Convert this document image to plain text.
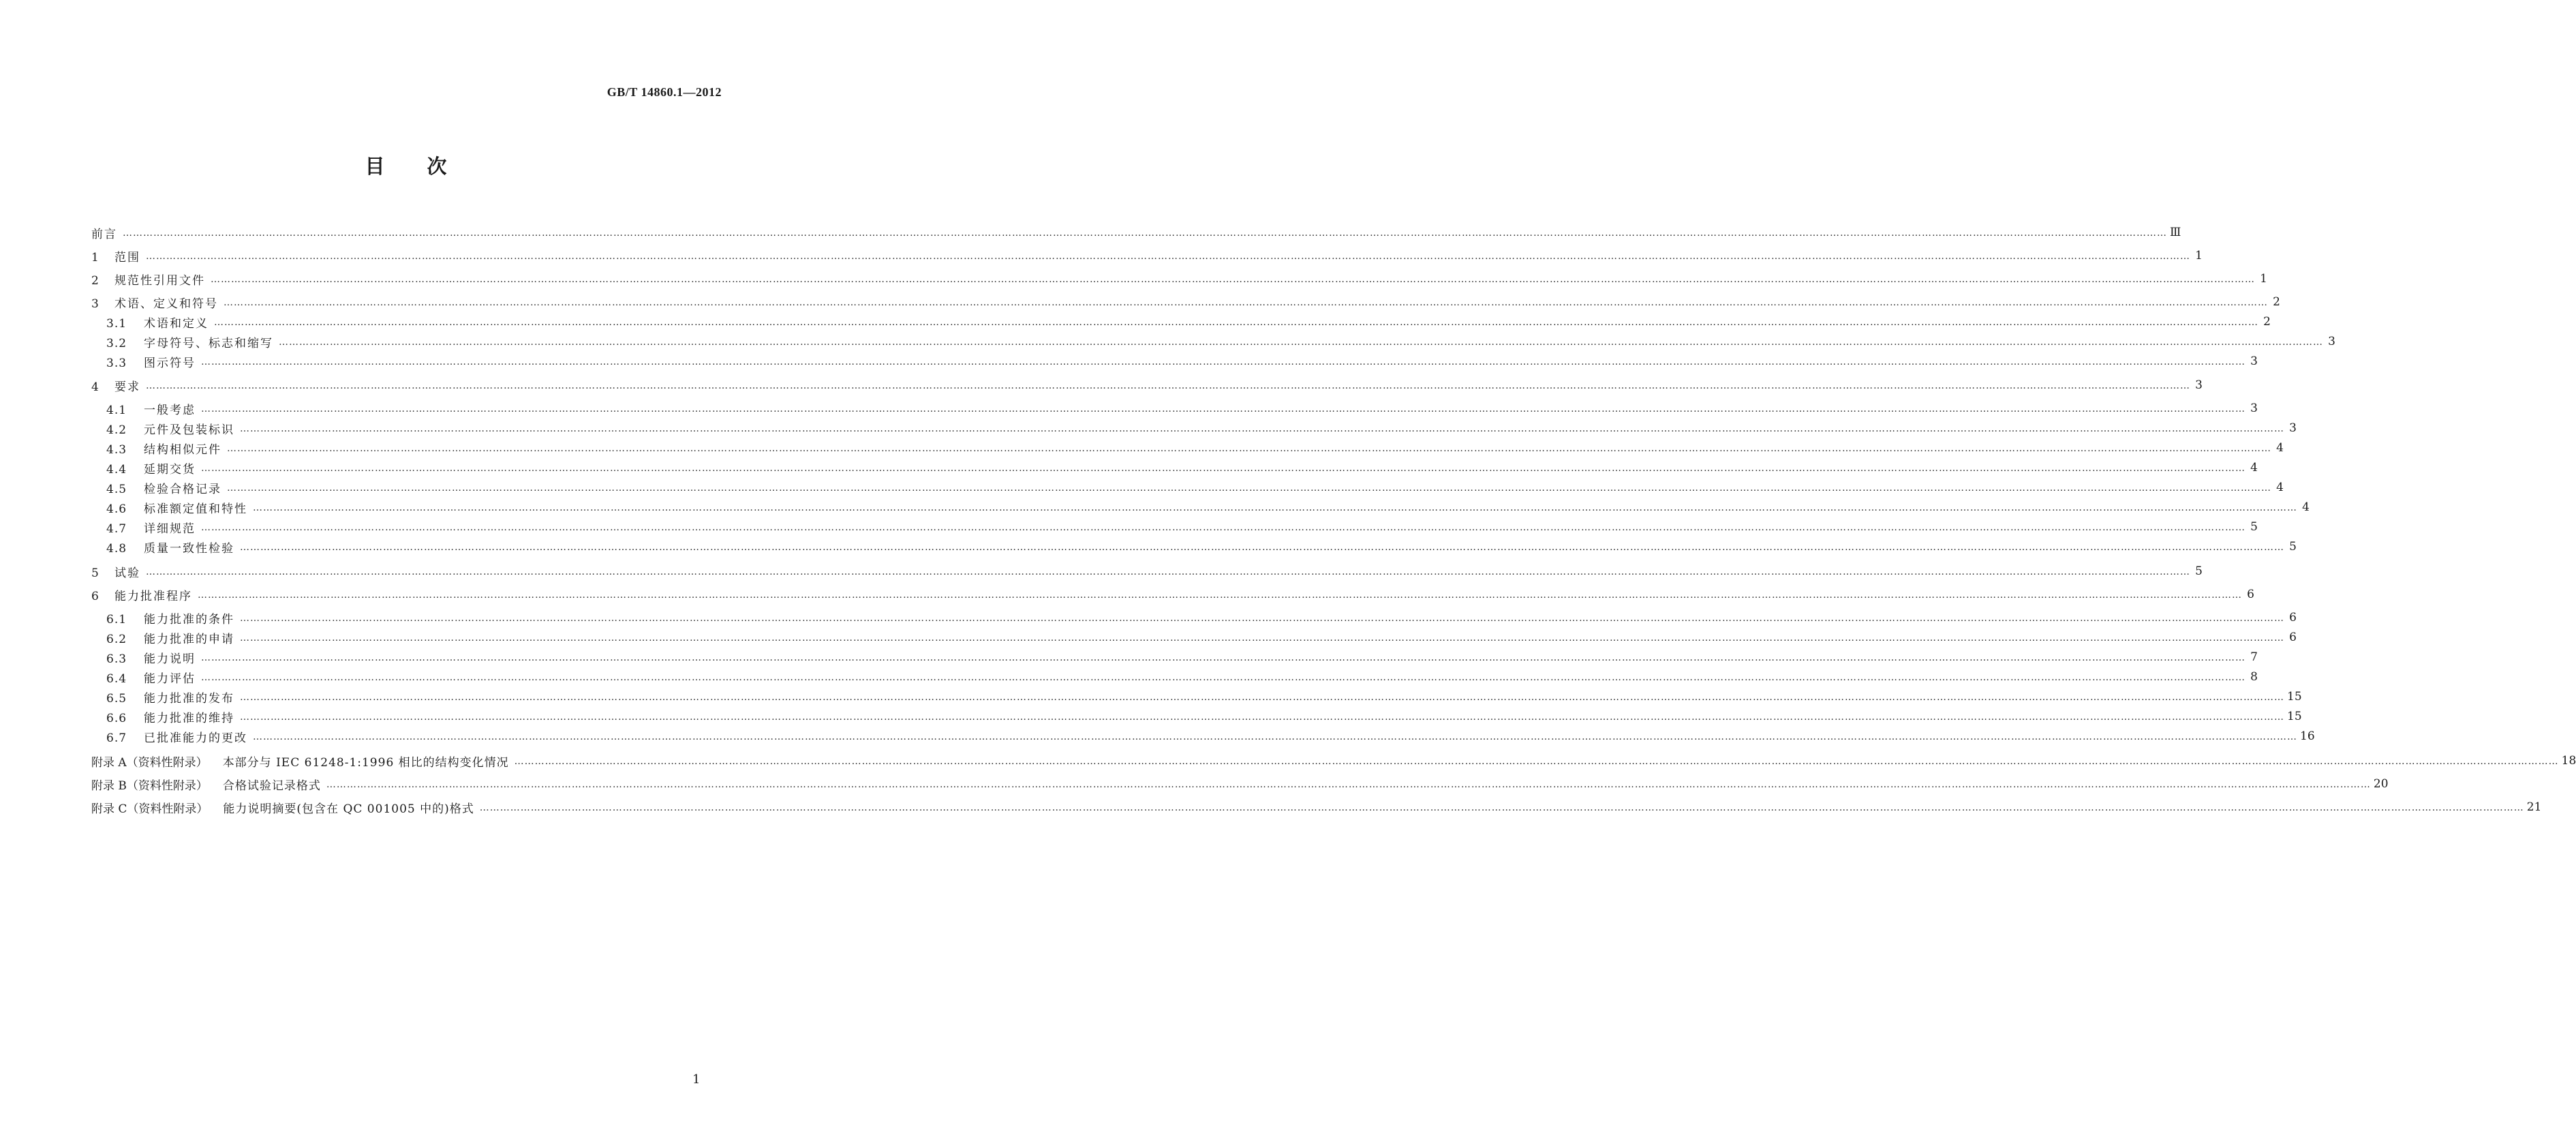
GB/T 14860.1—2012
目 次
前言 …………………………………………………………………………………………………………………………………………………………………………………………………………………………………………………………………………………………………………………………………………………………………………………………………………………………………………………………………………………………………………………………………………………… Ⅲ
1 范围 …………………………………………………………………………………………………………………………………………………………………………………………………………………………………………………………………………………………………………………………………………………………………………………………………………………………………………………………………………………………………………………………………………………… 1
2 规范性引用文件 …………………………………………………………………………………………………………………………………………………………………………………………………………………………………………………………………………………………………………………………………………………………………………………………………………………………………………………………………………………………………………………………………………………… 1
3 术语、定义和符号 …………………………………………………………………………………………………………………………………………………………………………………………………………………………………………………………………………………………………………………………………………………………………………………………………………………………………………………………………………………………………………………………………………………… 2
3.1 术语和定义 …………………………………………………………………………………………………………………………………………………………………………………………………………………………………………………………………………………………………………………………………………………………………………………………………………………………………………………………………………………………………………………………………………………… 2
3.2 字母符号、标志和缩写 …………………………………………………………………………………………………………………………………………………………………………………………………………………………………………………………………………………………………………………………………………………………………………………………………………………………………………………………………………………………………………………………………………………… 3
3.3 图示符号 …………………………………………………………………………………………………………………………………………………………………………………………………………………………………………………………………………………………………………………………………………………………………………………………………………………………………………………………………………………………………………………………………………………… 3
4 要求 …………………………………………………………………………………………………………………………………………………………………………………………………………………………………………………………………………………………………………………………………………………………………………………………………………………………………………………………………………………………………………………………………………………… 3
4.1 一般考虑 …………………………………………………………………………………………………………………………………………………………………………………………………………………………………………………………………………………………………………………………………………………………………………………………………………………………………………………………………………………………………………………………………………………… 3
4.2 元件及包装标识 …………………………………………………………………………………………………………………………………………………………………………………………………………………………………………………………………………………………………………………………………………………………………………………………………………………………………………………………………………………………………………………………………………………… 3
4.3 结构相似元件 …………………………………………………………………………………………………………………………………………………………………………………………………………………………………………………………………………………………………………………………………………………………………………………………………………………………………………………………………………………………………………………………………………………… 4
4.4 延期交货 …………………………………………………………………………………………………………………………………………………………………………………………………………………………………………………………………………………………………………………………………………………………………………………………………………………………………………………………………………………………………………………………………………………… 4
4.5 检验合格记录 …………………………………………………………………………………………………………………………………………………………………………………………………………………………………………………………………………………………………………………………………………………………………………………………………………………………………………………………………………………………………………………………………………………… 4
4.6 标准额定值和特性 …………………………………………………………………………………………………………………………………………………………………………………………………………………………………………………………………………………………………………………………………………………………………………………………………………………………………………………………………………………………………………………………………………………… 4
4.7 详细规范 …………………………………………………………………………………………………………………………………………………………………………………………………………………………………………………………………………………………………………………………………………………………………………………………………………………………………………………………………………………………………………………………………………………… 5
4.8 质量一致性检验 …………………………………………………………………………………………………………………………………………………………………………………………………………………………………………………………………………………………………………………………………………………………………………………………………………………………………………………………………………………………………………………………………………………… 5
5 试验 …………………………………………………………………………………………………………………………………………………………………………………………………………………………………………………………………………………………………………………………………………………………………………………………………………………………………………………………………………………………………………………………………………………… 5
6 能力批准程序 …………………………………………………………………………………………………………………………………………………………………………………………………………………………………………………………………………………………………………………………………………………………………………………………………………………………………………………………………………………………………………………………………………………… 6
6.1 能力批准的条件 …………………………………………………………………………………………………………………………………………………………………………………………………………………………………………………………………………………………………………………………………………………………………………………………………………………………………………………………………………………………………………………………………………………… 6
6.2 能力批准的申请 …………………………………………………………………………………………………………………………………………………………………………………………………………………………………………………………………………………………………………………………………………………………………………………………………………………………………………………………………………………………………………………………………………………… 6
6.3 能力说明 …………………………………………………………………………………………………………………………………………………………………………………………………………………………………………………………………………………………………………………………………………………………………………………………………………………………………………………………………………………………………………………………………………………… 7
6.4 能力评估 …………………………………………………………………………………………………………………………………………………………………………………………………………………………………………………………………………………………………………………………………………………………………………………………………………………………………………………………………………………………………………………………………………………… 8
6.5 能力批准的发布 …………………………………………………………………………………………………………………………………………………………………………………………………………………………………………………………………………………………………………………………………………………………………………………………………………………………………………………………………………………………………………………………………………………… 15
6.6 能力批准的维持 …………………………………………………………………………………………………………………………………………………………………………………………………………………………………………………………………………………………………………………………………………………………………………………………………………………………………………………………………………………………………………………………………………………… 15
6.7 已批准能力的更改 …………………………………………………………………………………………………………………………………………………………………………………………………………………………………………………………………………………………………………………………………………………………………………………………………………………………………………………………………………………………………………………………………………………… 16
附录 A（资料性附录） 本部分与 IEC 61248-1:1996 相比的结构变化情况 …………………………………………………………………………………………………………………………………………………………………………………………………………………………………………………………………………………………………………………………………………………………………………………………………………………………………………………………………………………………………………………………………………………… 18
附录 B（资料性附录） 合格试验记录格式 …………………………………………………………………………………………………………………………………………………………………………………………………………………………………………………………………………………………………………………………………………………………………………………………………………………………………………………………………………………………………………………………………………………… 20
附录 C（资料性附录） 能力说明摘要(包含在 QC 001005 中的)格式 …………………………………………………………………………………………………………………………………………………………………………………………………………………………………………………………………………………………………………………………………………………………………………………………………………………………………………………………………………………………………………………………………………………… 21
1
